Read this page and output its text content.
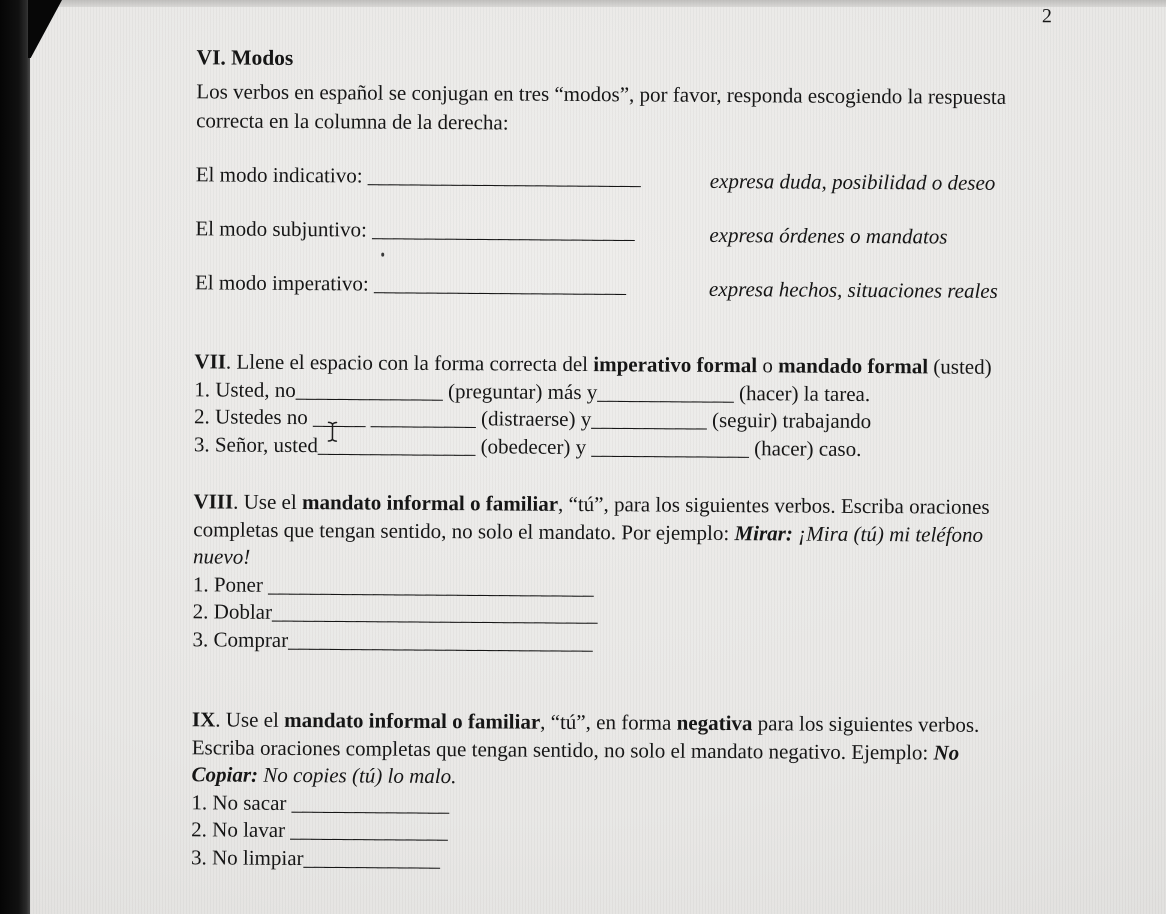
2
VI. Modos
Los verbos en español se conjugan en tres “modos”, por favor, responda escogiendo la respuesta correcta en la columna de la derecha:
El modo indicativo: __________________________	expresa duda, posibilidad o deseo
El modo subjuntivo: _________________________	expresa órdenes o mandatos
El modo imperativo: ________________________	expresa hechos, situaciones reales

VII. Llene el espacio con la forma correcta del imperativo formal o mandado formal (usted)

1. Usted, no______________ (preguntar) más y_____________ (hacer) la tarea.

2. Ustedes no _____ __________ (distraerse) y___________ (seguir) trabajando

3. Señor, usted_______________ (obedecer) y _______________ (hacer) caso.

VIII. Use el mandato informal o familiar, “tú”, para los siguientes verbos. Escriba oraciones completas que tengan sentido, no solo el mandato. Por ejemplo: Mirar: ¡Mira (tú) mi teléfono nuevo!

1. Poner _______________________________

2. Doblar_______________________________

3. Comprar_____________________________

IX. Use el mandato informal o familiar, “tú”, en forma negativa para los siguientes verbos. Escriba oraciones completas que tengan sentido, no solo el mandato negativo. Ejemplo: No Copiar: No copies (tú) lo malo.

1. No sacar _______________

2. No lavar _______________

3. No limpiar_____________
